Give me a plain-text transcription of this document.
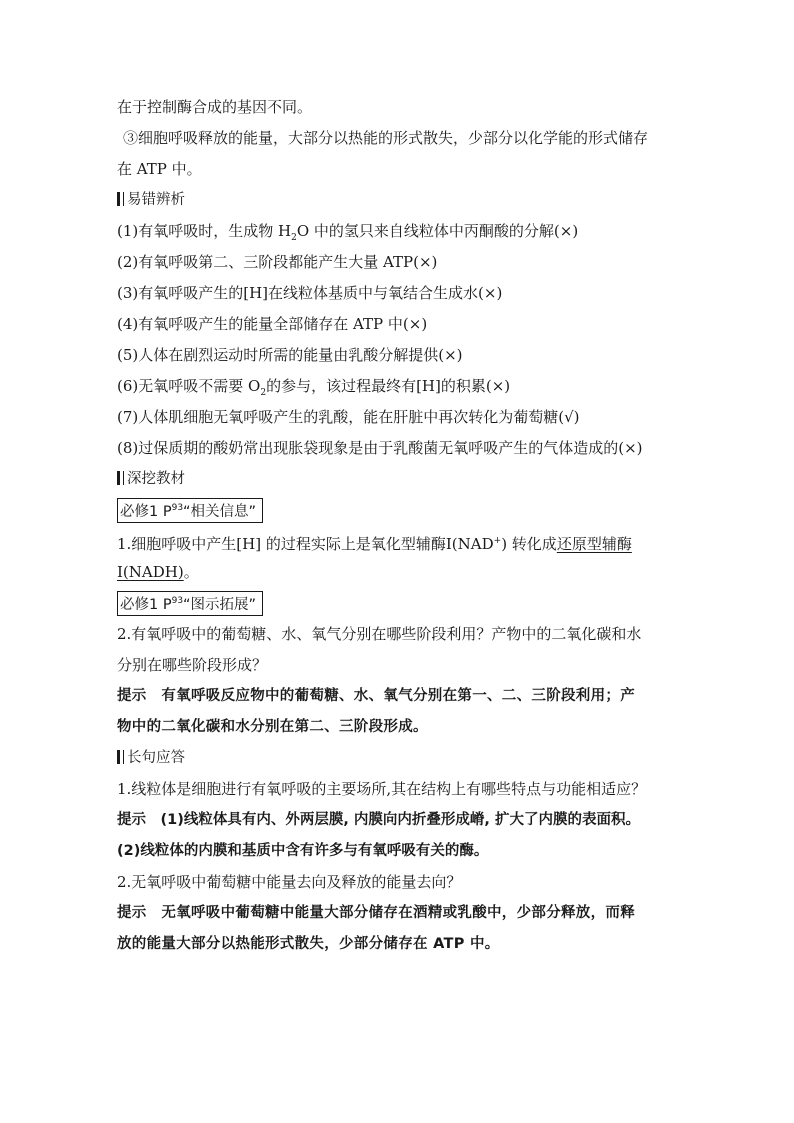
在于控制酶合成的基因不同。
③细胞呼吸释放的能量，大部分以热能的形式散失，少部分以化学能的形式储存
在 ATP 中。
易错辨析
(1)有氧呼吸时，生成物 $H_2O$ 中的氢只来自线粒体中丙酮酸的分解(×)
(2)有氧呼吸第二、三阶段都能产生大量 ATP(×)
(3)有氧呼吸产生的[H]在线粒体基质中与氧结合生成水(×)
(4)有氧呼吸产生的能量全部储存在 ATP 中(×)
(5)人体在剧烈运动时所需的能量由乳酸分解提供(×)
(6)无氧呼吸不需要 $O_2$的参与，该过程最终有[H]的积累(×)
(7)人体肌细胞无氧呼吸产生的乳酸，能在肝脏中再次转化为葡萄糖(√)
(8)过保质期的酸奶常出现胀袋现象是由于乳酸菌无氧呼吸产生的气体造成的(×)
深挖教材
必修1 $P^{93}“$相关信息”
1.细胞呼吸中产生[H] 的过程实际上是氧化型辅酶Ⅰ(NAD+) 转化成还原型辅酶
Ⅰ(NADH)。
必修1 $P^{93}“$图示拓展”
2.有氧呼吸中的葡萄糖、水、氧气分别在哪些阶段利用？产物中的二氧化碳和水
分别在哪些阶段形成？
提示　有氧呼吸反应物中的葡萄糖、水、氧气分别在第一、二、三阶段利用；产
物中的二氧化碳和水分别在第二、三阶段形成。
长句应答
1.线粒体是细胞进行有氧呼吸的主要场所,其在结构上有哪些特点与功能相适应？
提示　(1)线粒体具有内、外两层膜, 内膜向内折叠形成嵴, 扩大了内膜的表面积。
(2)线粒体的内膜和基质中含有许多与有氧呼吸有关的酶。
2.无氧呼吸中葡萄糖中能量去向及释放的能量去向？
提示　无氧呼吸中葡萄糖中能量大部分储存在酒精或乳酸中，少部分释放，而释
放的能量大部分以热能形式散失，少部分储存在 ATP 中。
